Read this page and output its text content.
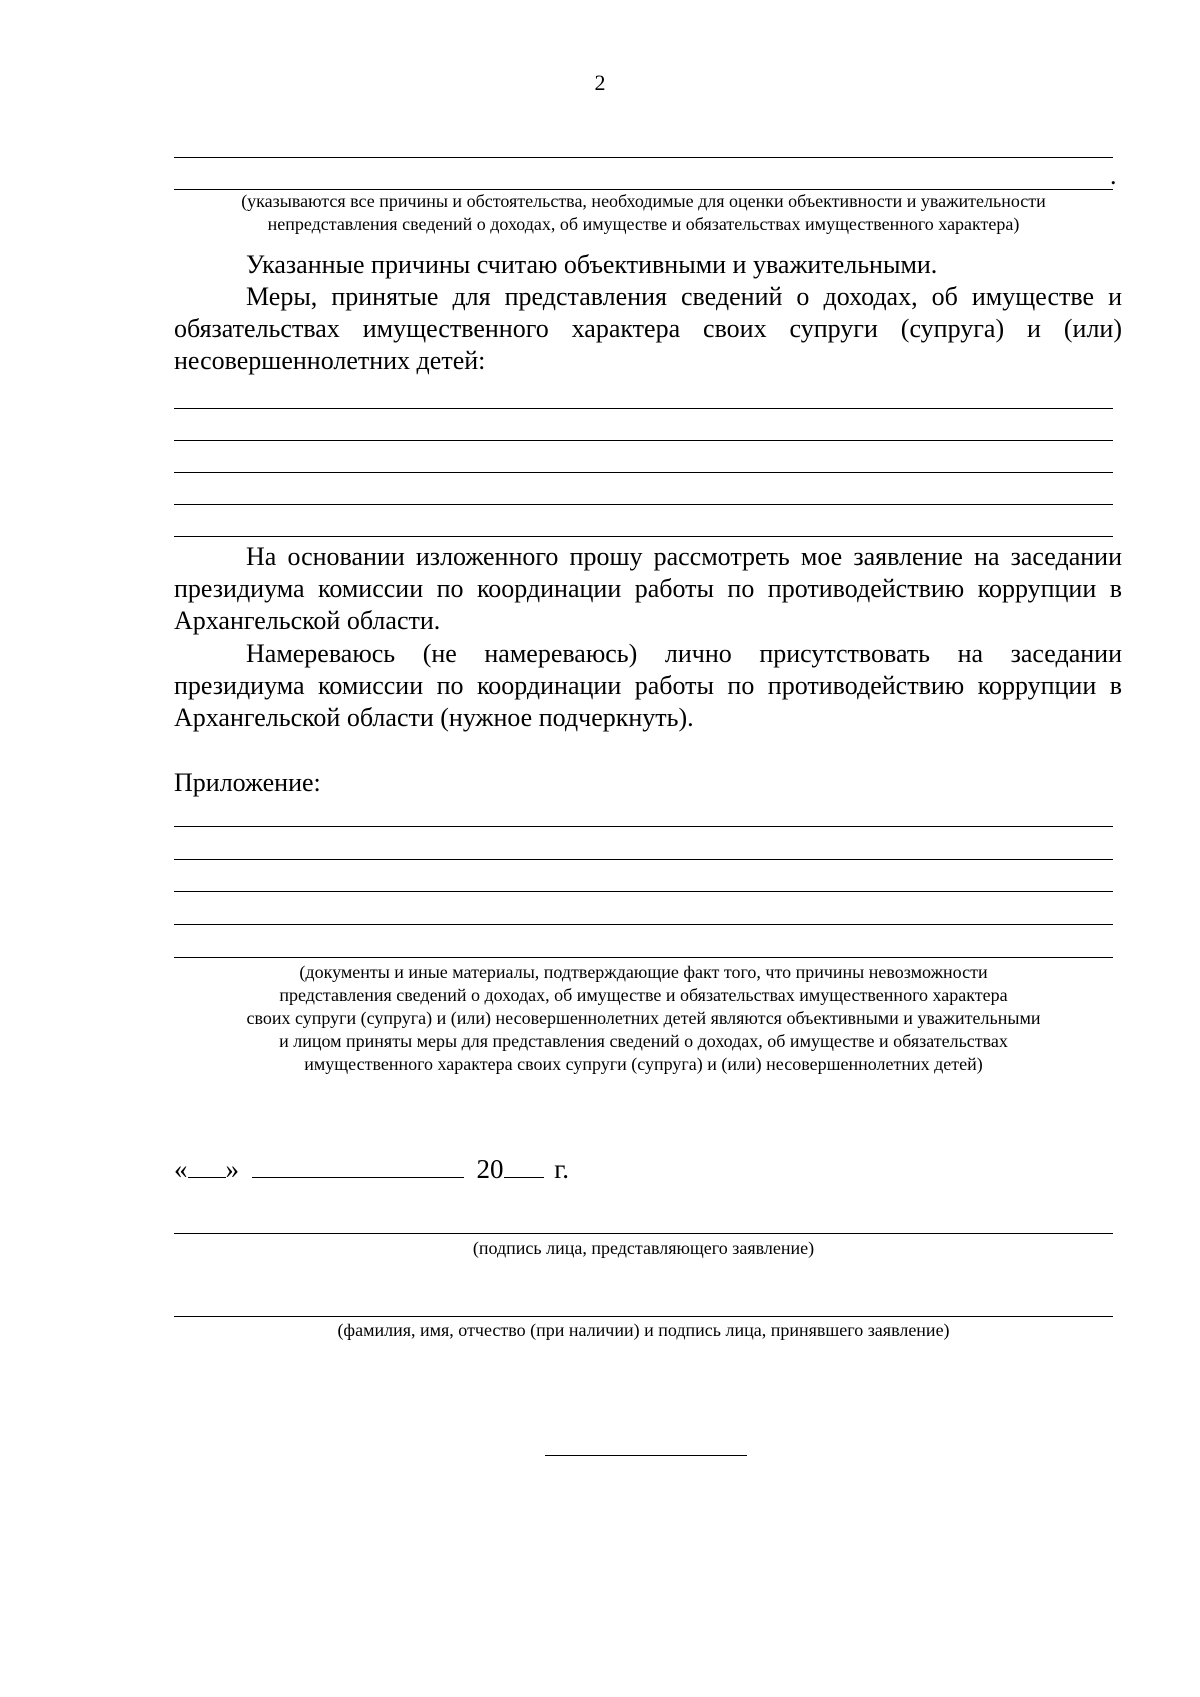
2
.
(указываются все причины и обстоятельства, необходимые для оценки объективности и уважительности
непредставления сведений о доходах, об имуществе и обязательствах имущественного характера)
Указанные причины считаю объективными и уважительными.
Меры, принятые для представления сведений о доходах, об имуществе и обязательствах имущественного характера своих супруги (супруга) и (или) несовершеннолетних детей:
На основании изложенного прошу рассмотреть мое заявление на заседании президиума комиссии по координации работы по противодействию коррупции в Архангельской области.
Намереваюсь (не намереваюсь) лично присутствовать на заседании президиума комиссии по координации работы по противодействию коррупции в Архангельской области (нужное подчеркнуть).
Приложение:
(документы и иные материалы, подтверждающие факт того, что причины невозможности
представления сведений о доходах, об имуществе и обязательствах имущественного характера
своих супруги (супруга) и (или) несовершеннолетних детей являются объективными и уважительными
и лицом приняты меры для представления сведений о доходах, об имуществе и обязательствах
имущественного характера своих супруги (супруга) и (или) несовершеннолетних детей)
« »	20 г.
(подпись лица, представляющего заявление)
(фамилия, имя, отчество (при наличии) и подпись лица, принявшего заявление)
